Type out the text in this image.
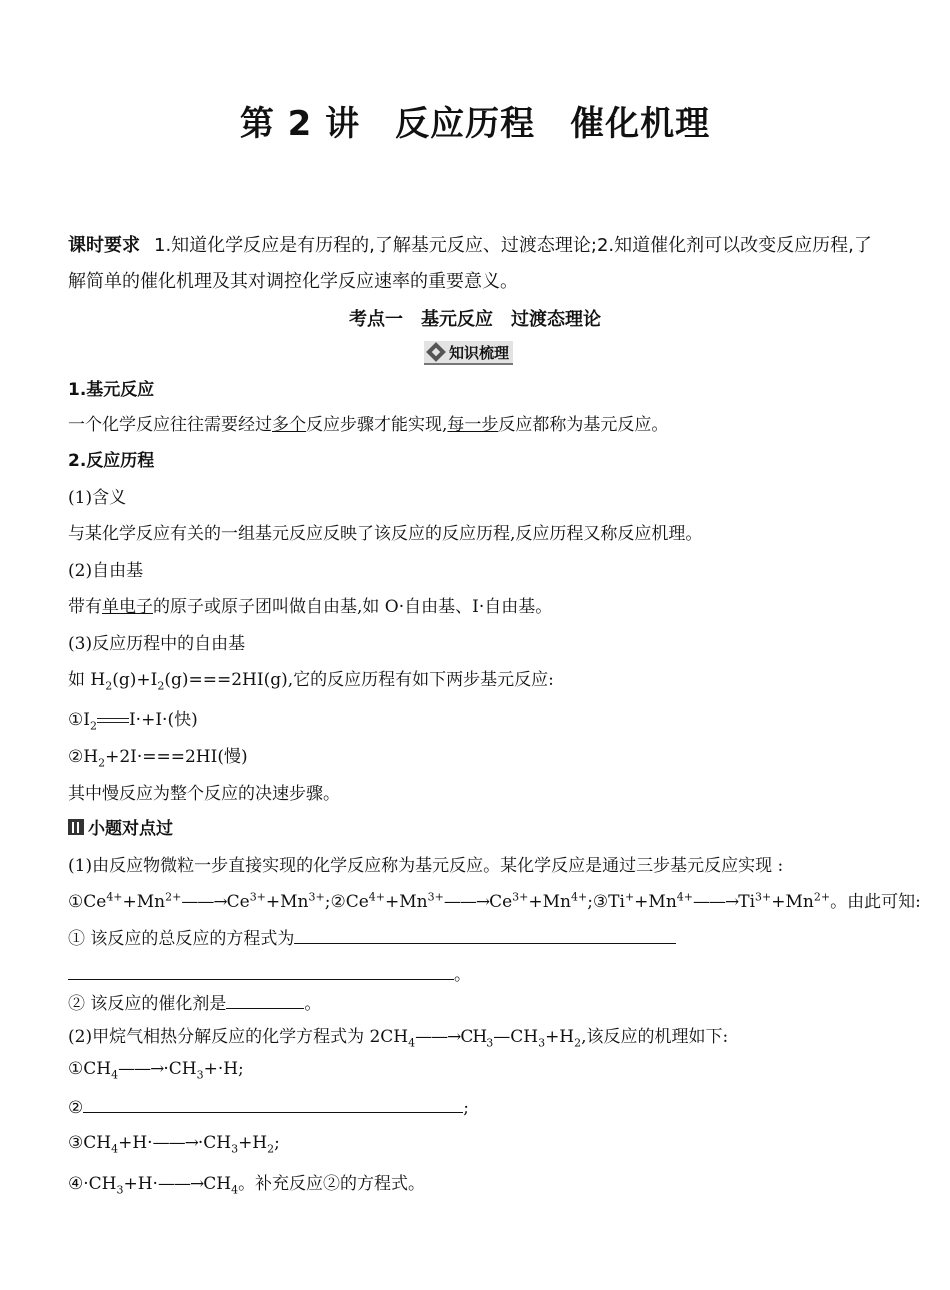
第 2 讲　反应历程　催化机理
课时要求 1.知道化学反应是有历程的,了解基元反应、过渡态理论;2.知道催化剂可以改变反应历程,了解简单的催化机理及其对调控化学反应速率的重要意义。
考点一　基元反应　过渡态理论
知识梳理
1.基元反应
一个化学反应往往需要经过多个反应步骤才能实现,每一步反应都称为基元反应。
2.反应历程
(1)含义
与某化学反应有关的一组基元反应反映了该反应的反应历程,反应历程又称反应机理。
(2)自由基
带有单电子的原子或原子团叫做自由基,如 O·自由基、I·自由基。
(3)反应历程中的自由基
如 $H_2(g)+I_2(g)===2HI(g)$,它的反应历程有如下两步基元反应:
$①I_2$ I·+I·(快)
$②H_2+2I\cdot===2HI$(慢)
其中慢反应为整个反应的决速步骤。
小题对点过
(1)由反应物微粒一步直接实现的化学反应称为基元反应。某化学反应是通过三步基元反应实现 :
$①Ce^{4+}+Mn^{2+}——\to Ce^{3+}+Mn^{3+};②Ce^{4+}+Mn^{3+}——\to Ce^{3+}+Mn^{4+};③Ti^++Mn^{4+}——\to Ti^{3+}+Mn^{2+}$。由此可知:
① 该反应的总反应的方程式为
。
② 该反应的催化剂是	。
(2)甲烷气相热分解反应的化学方程式为 $2CH_4——\to CH_3—CH_3+H_2$,该反应的机理如下:
$①CH_4——\to\cdot CH_3+\cdot H$;
②	;
$③CH_4+H\cdot——\to\cdot CH_3+H_2$;
$④\cdot CH_3+H\cdot——\to CH_4$。补充反应②的方程式。
